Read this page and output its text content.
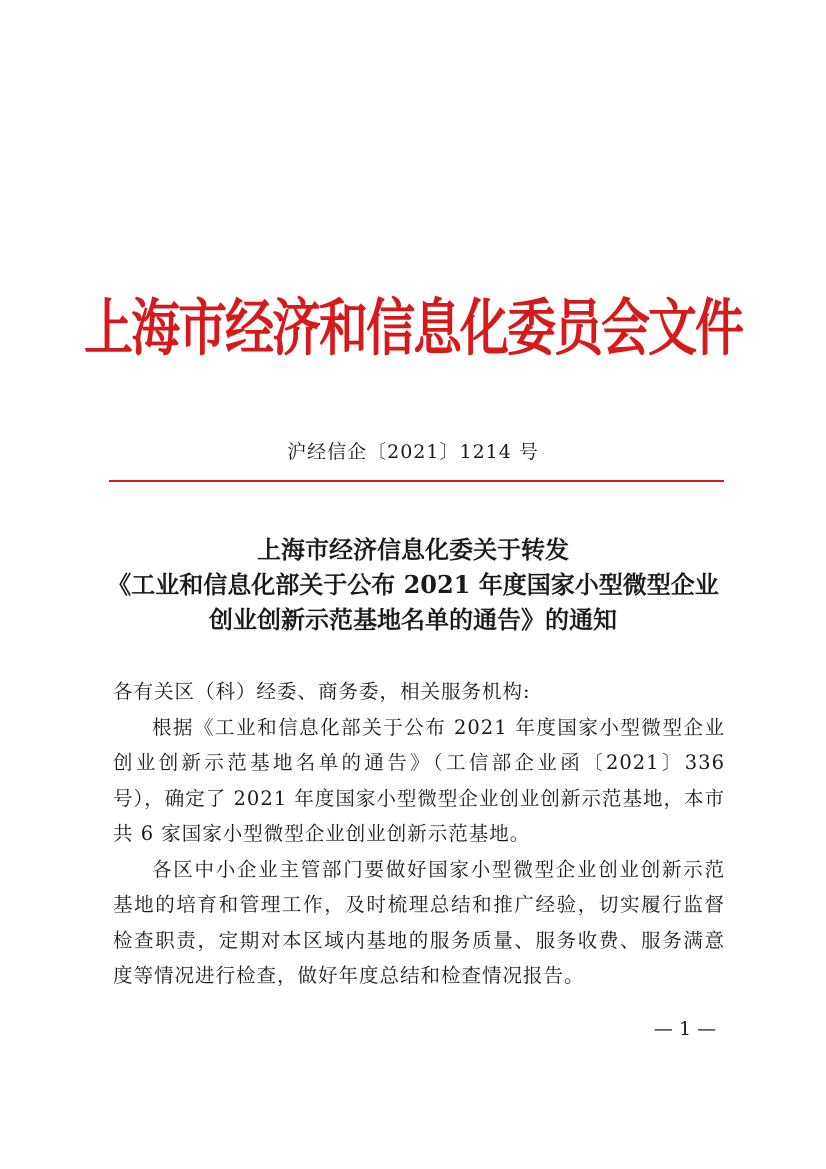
上海市经济和信息化委员会文件
沪经信企〔2021〕1214 号
上海市经济信息化委关于转发
《工业和信息化部关于公布 2021 年度国家小型微型企业
创业创新示范基地名单的通告》的通知

各有关区（科）经委、商务委，相关服务机构:

根据《工业和信息化部关于公布 2021 年度国家小型微型企业创业创新示范基地名单的通告》（工信部企业函〔2021〕336 号），确定了 2021 年度国家小型微型企业创业创新示范基地，本市共 6 家国家小型微型企业创业创新示范基地。

各区中小企业主管部门要做好国家小型微型企业创业创新示范基地的培育和管理工作，及时梳理总结和推广经验，切实履行监督检查职责，定期对本区域内基地的服务质量、服务收费、服务满意度等情况进行检查，做好年度总结和检查情况报告。

— 1 —
